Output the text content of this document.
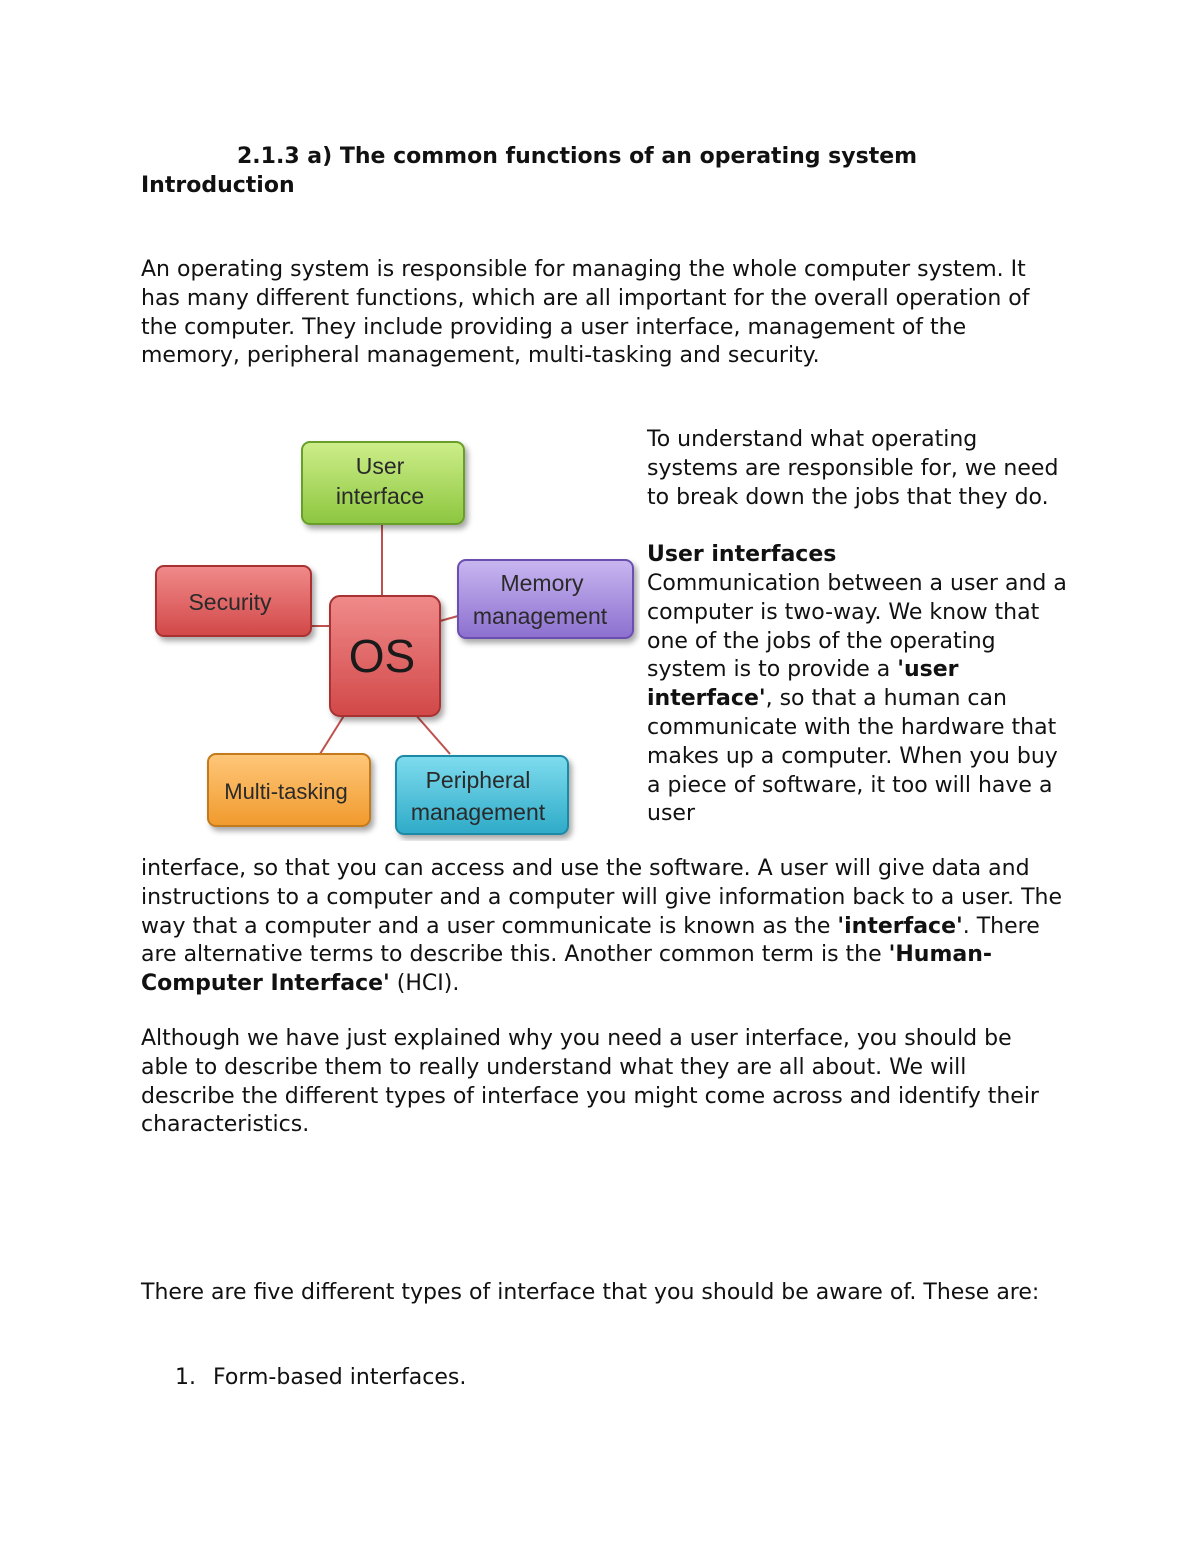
2.1.3 a) The common functions of an operating system
Introduction

An operating system is responsible for managing the whole computer system. It has many different functions, which are all important for the overall operation of the computer. They include providing a user interface, management of the memory, peripheral management, multi-tasking and security.

User
interface
Security
OS
Memory
management
Multi-tasking	Peripheral
management

To understand what operating systems are responsible for, we need to break down the jobs that they do.

User interfaces

Communication between a user and a computer is two-way. We know that one of the jobs of the operating system is to provide a 'user interface', so that a human can communicate with the hardware that makes up a computer. When you buy a piece of software, it too will have a user

interface, so that you can access and use the software. A user will give data and instructions to a computer and a computer will give information back to a user. The way that a computer and a user communicate is known as the 'interface'. There are alternative terms to describe this. Another common term is the 'Human-Computer Interface' (HCI).

Although we have just explained why you need a user interface, you should be able to describe them to really understand what they are all about. We will describe the different types of interface you might come across and identify their characteristics.

There are five different types of interface that you should be aware of. These are:

1. Form-based interfaces.
